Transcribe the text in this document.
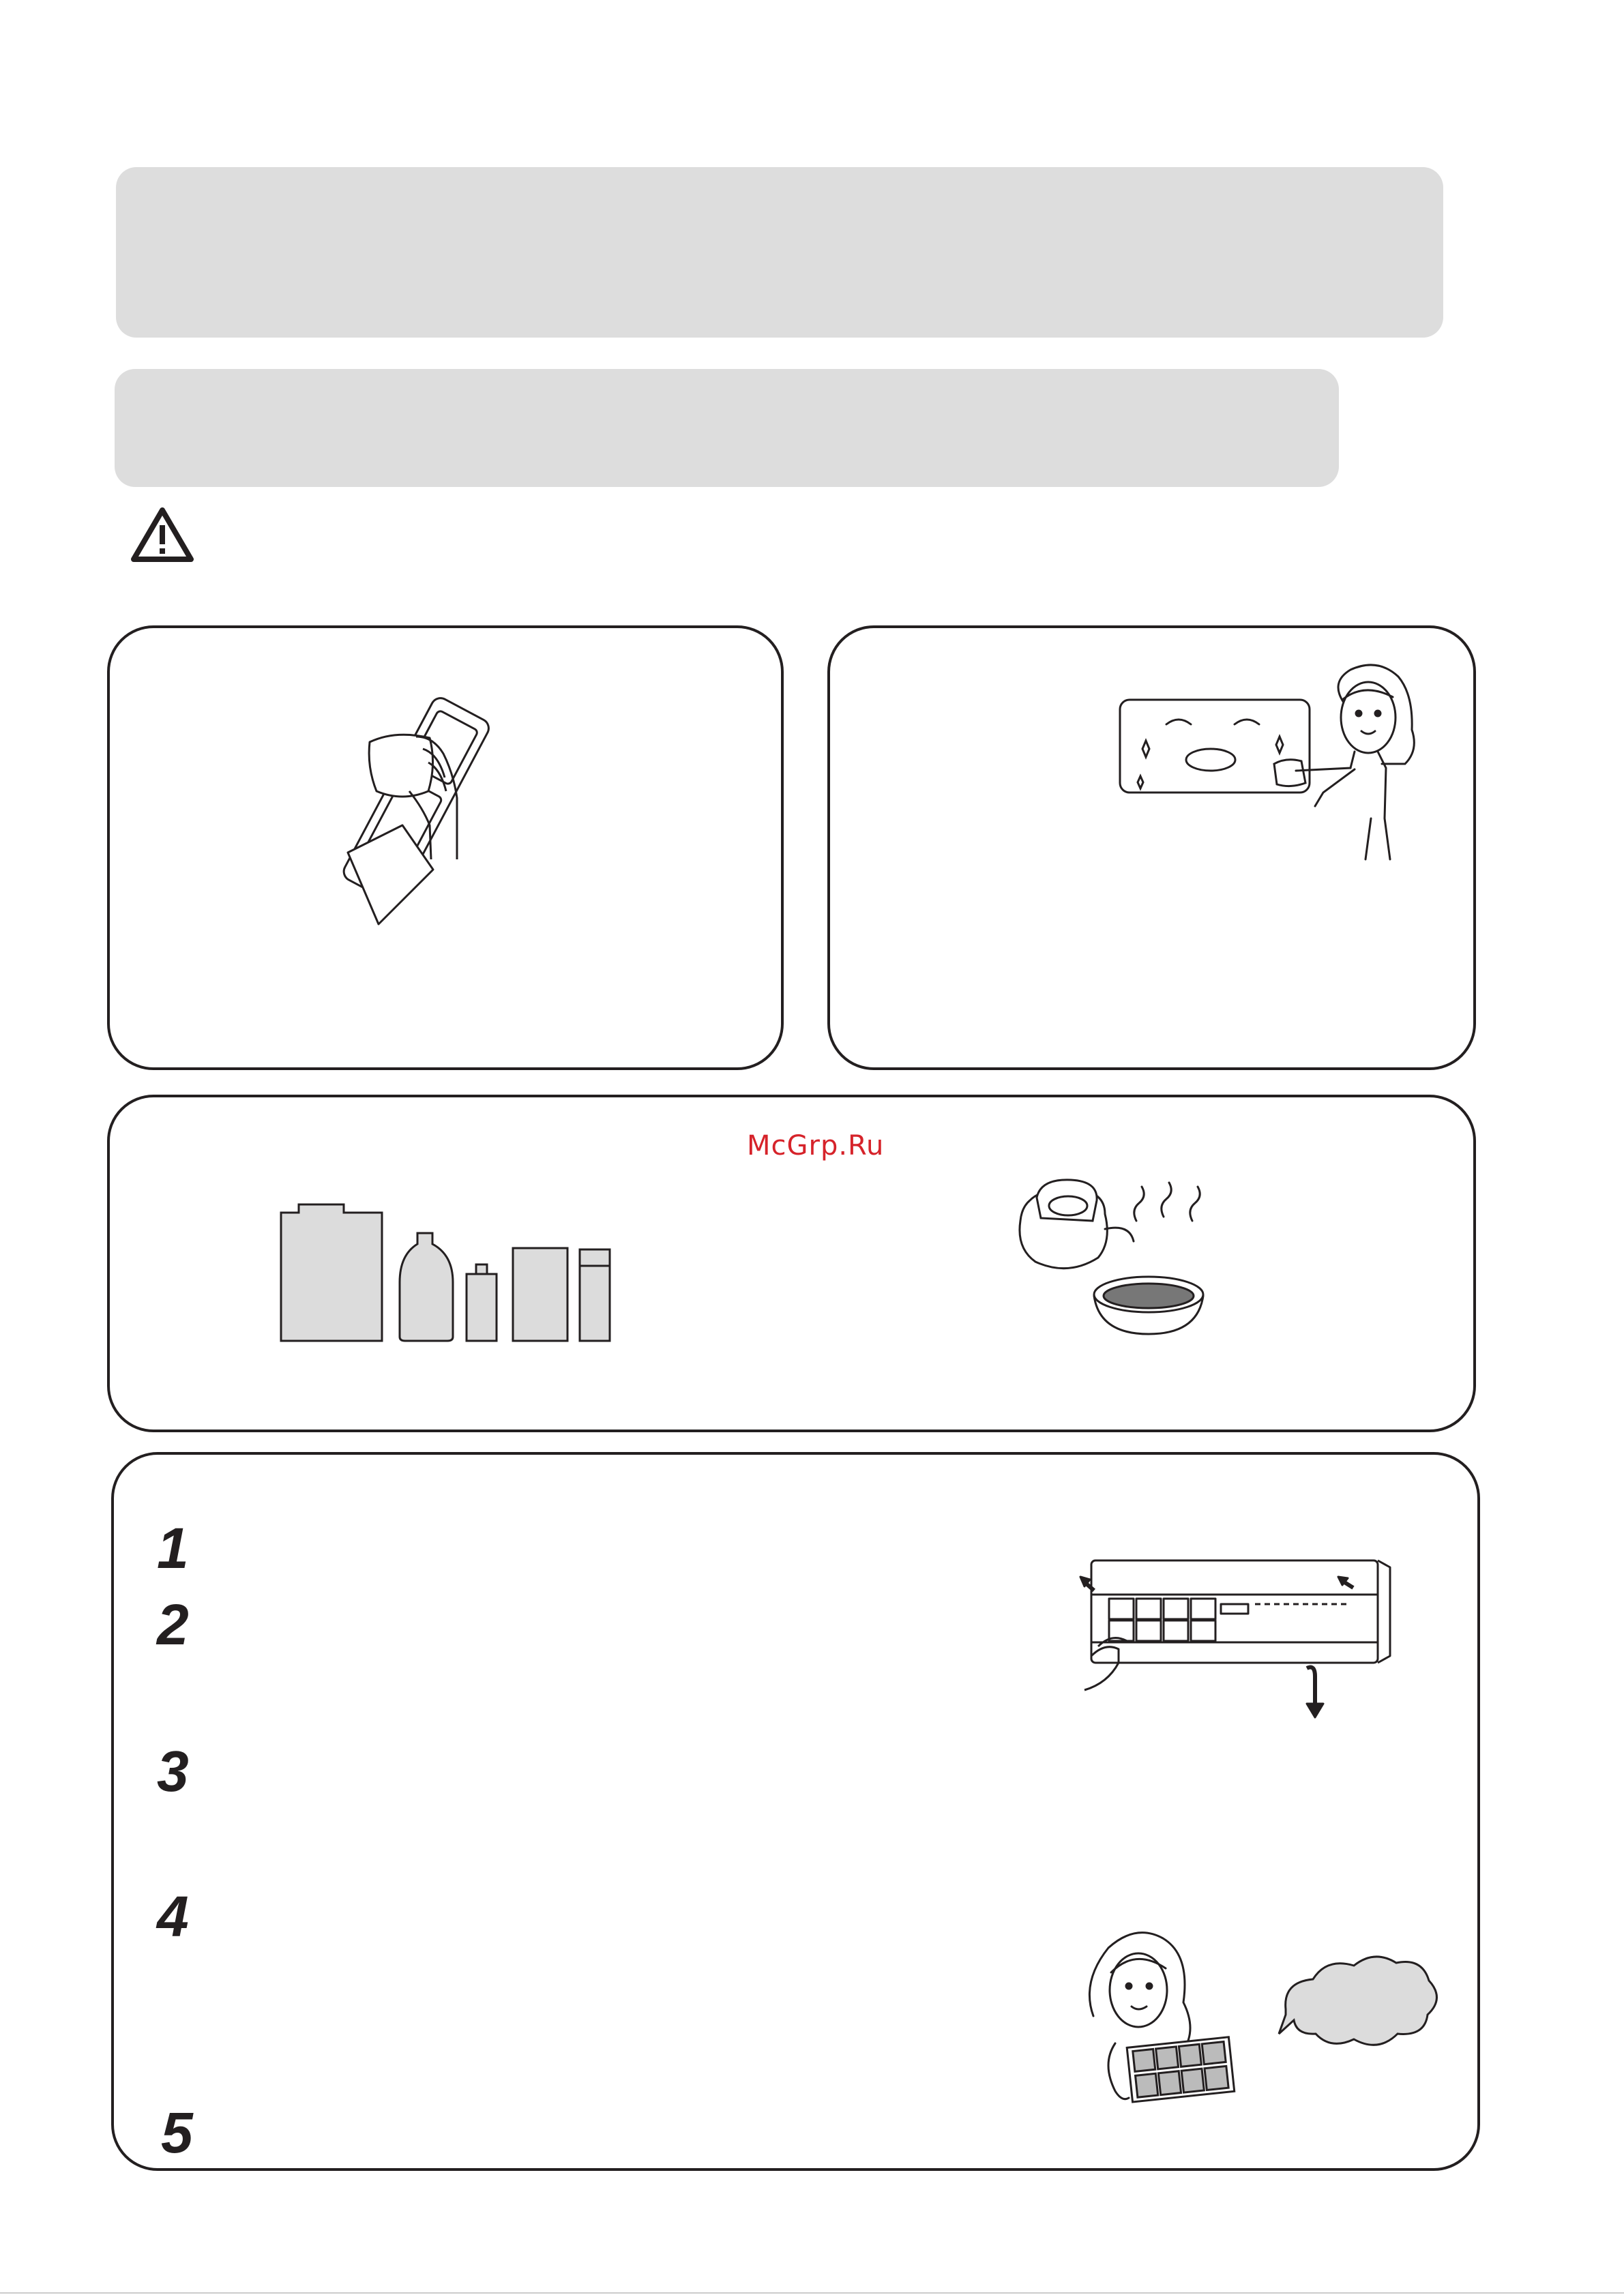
McGrp.Ru
1
2
3
4
5
